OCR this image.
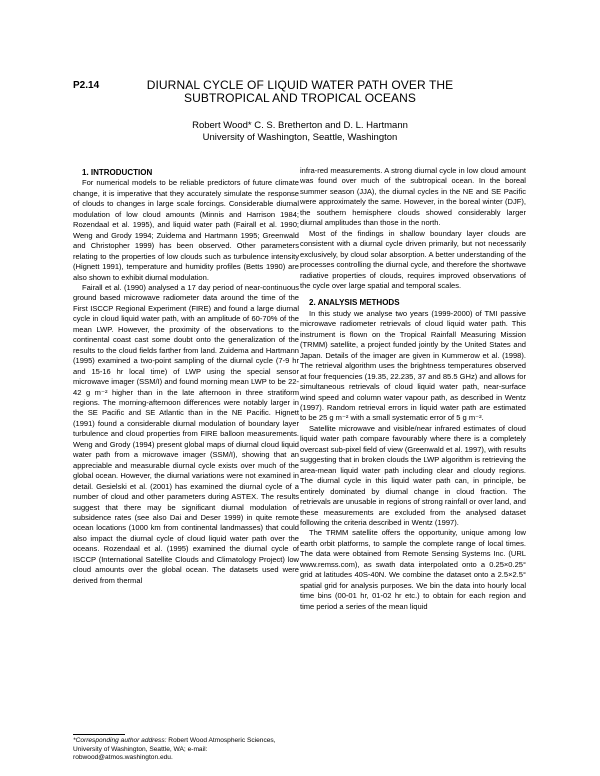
P2.14	DIURNAL CYCLE OF LIQUID WATER PATH OVER THE SUBTROPICAL AND TROPICAL OCEANS
Robert Wood* C. S. Bretherton and D. L. Hartmann
University of Washington, Seattle, Washington

1. INTRODUCTION

For numerical models to be reliable predictors of future climate change, it is imperative that they accurately simulate the response of clouds to changes in large scale forcings. Considerable diurnal modulation of low cloud amounts (Minnis and Harrison 1984; Rozendaal et al. 1995), and liquid water path (Fairall et al. 1990; Weng and Grody 1994; Zuidema and Hartmann 1995; Greenwald and Christopher 1999) has been observed. Other parameters relating to the properties of low clouds such as turbulence intensity (Hignett 1991), temperature and humidity profiles (Betts 1990) are also shown to exhibit diurnal modulation.

Fairall et al. (1990) analysed a 17 day period of near-continuous ground based microwave radiometer data around the time of the First ISCCP Regional Experiment (FIRE) and found a large diurnal cycle in cloud liquid water path, with an amplitude of 60-70% of the mean LWP. However, the proximity of the observations to the continental coast cast some doubt onto the generalization of the results to the cloud fields farther from land. Zuidema and Hartmann (1995) examined a two-point sampling of the diurnal cycle (7-9 hr and 15-16 hr local time) of LWP using the special sensor microwave imager (SSM/I) and found morning mean LWP to be 22-42 g m⁻² higher than in the late afternoon in three stratiform regions. The morning-afternoon differences were notably larger in the SE Pacific and SE Atlantic than in the NE Pacific. Hignett (1991) found a considerable diurnal modulation of boundary layer turbulence and cloud properties from FIRE balloon measurements. Weng and Grody (1994) present global maps of diurnal cloud liquid water path from a microwave imager (SSM/I), showing that an appreciable and measurable diurnal cycle exists over much of the global ocean. However, the diurnal variations were not examined in detail. Gesielski et al. (2001) has examined the diurnal cycle of a number of cloud and other parameters during ASTEX. The results suggest that there may be significant diurnal modulation of subsidence rates (see also Dai and Deser 1999) in quite remote ocean locations (1000 km from continental landmasses) that could also impact the diurnal cycle of cloud liquid water path over the oceans. Rozendaal et al. (1995) examined the diurnal cycle of ISCCP (International Satellite Clouds and Climatology Project) low cloud amounts over the global ocean. The datasets used were derived from thermal

infra-red measurements. A strong diurnal cycle in low cloud amount was found over much of the subtropical ocean. In the boreal summer season (JJA), the diurnal cycles in the NE and SE Pacific were approximately the same. However, in the boreal winter (DJF), the southern hemisphere clouds showed considerably larger diurnal amplitudes than those in the north.

Most of the findings in shallow boundary layer clouds are consistent with a diurnal cycle driven primarily, but not necessarily exclusively, by cloud solar absorption. A better understanding of the processes controlling the diurnal cycle, and therefore the shortwave radiative properties of clouds, requires improved observations of the cycle over large spatial and temporal scales.

2. ANALYSIS METHODS

In this study we analyse two years (1999-2000) of TMI passive microwave radiometer retrievals of cloud liquid water path. This instrument is flown on the Tropical Rainfall Measuring Mission (TRMM) satellite, a project funded jointly by the United States and Japan. Details of the imager are given in Kummerow et al. (1998). The retrieval algorithm uses the brightness temperatures observed at four frequencies (19.35, 22.235, 37 and 85.5 GHz) and allows for simultaneous retrievals of cloud liquid water path, near-surface wind speed and column water vapour path, as described in Wentz (1997). Random retrieval errors in liquid water path are estimated to be 25 g m⁻² with a small systematic error of 5 g m⁻².

Satellite microwave and visible/near infrared estimates of cloud liquid water path compare favourably where there is a completely overcast sub-pixel field of view (Greenwald et al. 1997), with results suggesting that in broken clouds the LWP algorithm is retrieving the area-mean liquid water path including clear and cloudy regions. The diurnal cycle in this liquid water path can, in principle, be entirely dominated by diurnal change in cloud fraction. The retrievals are unusable in regions of strong rainfall or over land, and these measurements are excluded from the analysed dataset following the criteria described in Wentz (1997).

The TRMM satellite offers the opportunity, unique among low earth orbit platforms, to sample the complete range of local times. The data were obtained from Remote Sensing Systems Inc. (URL www.remss.com), as swath data interpolated onto a 0.25×0.25° grid at latitudes 40S-40N. We combine the dataset onto a 2.5×2.5° spatial grid for analysis purposes. We bin the data into hourly local time bins (00-01 hr, 01-02 hr etc.) to obtain for each region and time period a series of the mean liquid

*Corresponding author address: Robert Wood Atmospheric Sciences, University of Washington, Seattle, WA; e-mail: robwood@atmos.washington.edu.
